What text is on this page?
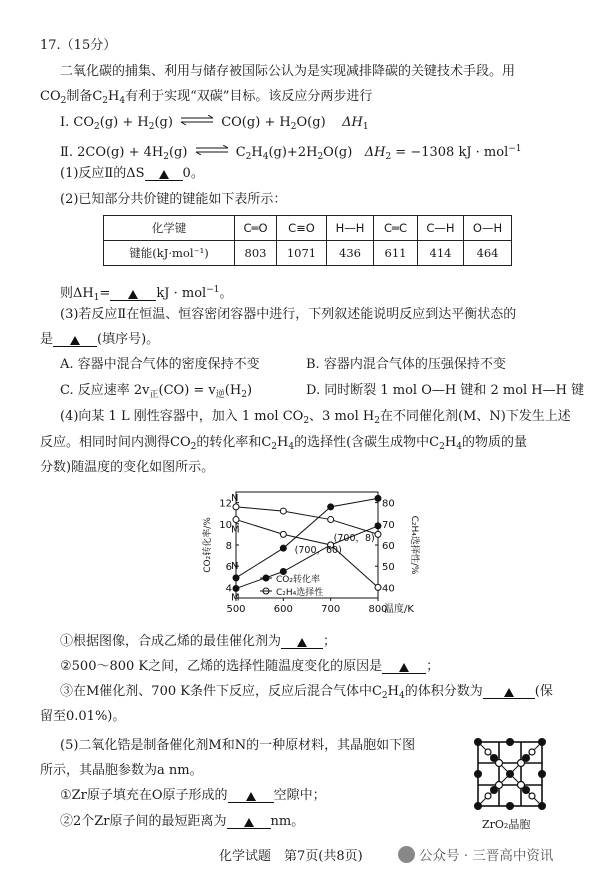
17.（15分）
二氧化碳的捕集、利用与储存被国际公认为是实现减排降碳的关键技术手段。用
$CO_2$制备$C_2H_4$有利于实现“双碳”目标。该反应分两步进行
Ⅰ. $CO_2(g) + H_2(g)$ ⇌ $CO(g) + H_2O(g)$ $\Delta H_1$
Ⅱ. $2CO(g) + 4H_2(g)$ ⇌ $C_2H_4(g)+2H_2O(g) \Delta H_2 = -1308$ kJ · mol$^{-1}$
(1)反应Ⅱ的ΔS	0。
(2)已知部分共价键的键能如下表所示：
化学键	C═O	C≡O	H—H	C═C	C—H	O—H
键能(kJ·mol⁻¹)	803	1071	436	611	414	464
则$\Delta H_1=$	kJ · mol$^{-1}$。
(3)若反应Ⅱ在恒温、恒容密闭容器中进行，下列叙述能说明反应到达平衡状态的
是	(填序号)。
A. 容器中混合气体的密度保持不变	B. 容器内混合气体的压强保持不变
C. 反应速率 $2v_正(CO) = v_逆(H_2)$	D. 同时断裂 1 mol O—H 键和 2 mol H—H 键
(4)向某 1 L 刚性容器中，加入 1 mol $CO_2$、3 mol $H_2$在不同催化剂(M、N)下发生上述
反应。相同时间内测得$CO_2$的转化率和$C_2H_4$的选择性(含碳生成物中$C_2H_4$的物质的量
分数)随温度的变化如图所示。
500	600	700	800
4
6
8
10
12
40
50
60
70
80
温度/K
CO₂转化率/%	C₂H₄选择性/%
N
M
N
M
(700，8)
(700，60)
CO₂转化率
C₂H₄选择性
①根据图像，合成乙烯的最佳催化剂为	；
②500～800 K之间，乙烯的选择性随温度变化的原因是	；
③在M催化剂、700 K条件下反应，反应后混合气体中$C_2H_4$的体积分数为	(保
留至0.01%)。
(5)二氧化锆是制备催化剂M和N的一种原材料，其晶胞如下图
所示，其晶胞参数为a nm。
①Zr原子填充在O原子形成的	空隙中；
②2个Zr原子间的最短距离为	nm。	ZrO₂晶胞
化学试题　第7页(共8页)	公众号 · 三晋高中资讯
